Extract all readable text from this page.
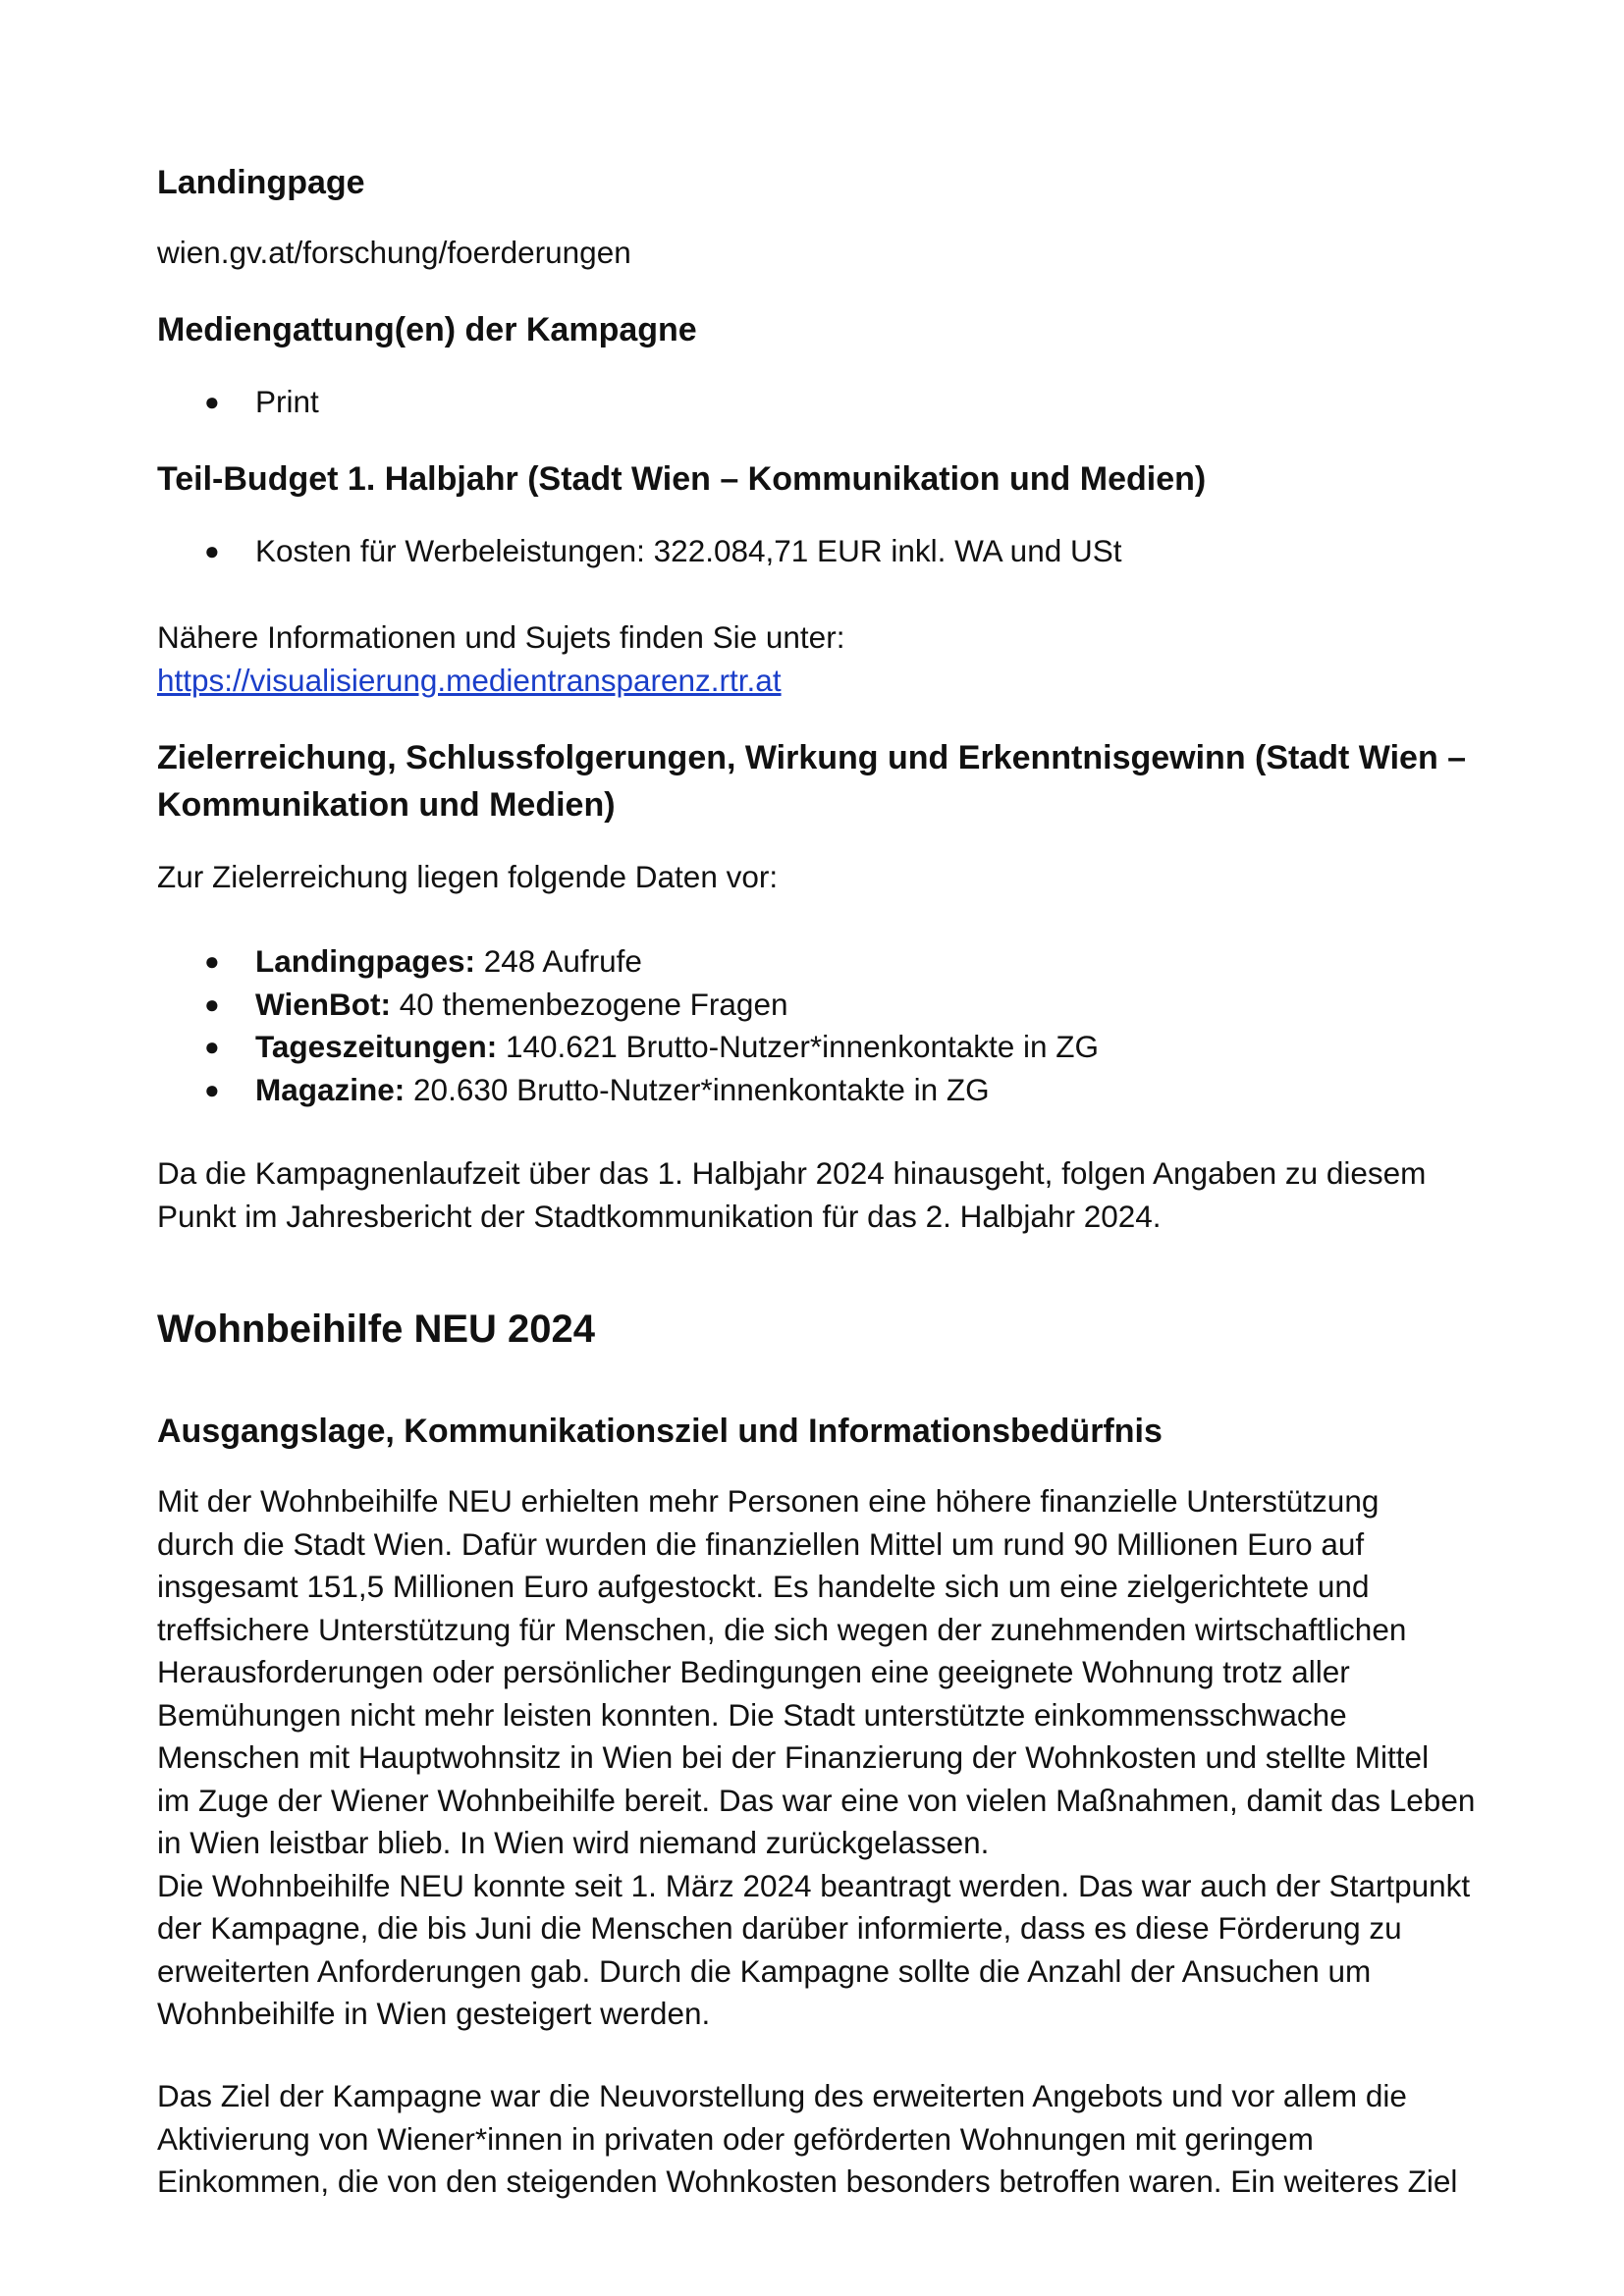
Landingpage

wien.gv.at/forschung/foerderungen

Mediengattung(en) der Kampagne
● Print
Teil-Budget 1. Halbjahr (Stadt Wien – Kommunikation und Medien)
● Kosten für Werbeleistungen: 322.084,71 EUR inkl. WA und USt

Nähere Informationen und Sujets finden Sie unter:
https://visualisierung.medientransparenz.rtr.at

Zielerreichung, Schlussfolgerungen, Wirkung und Erkenntnisgewinn (Stadt Wien –
Kommunikation und Medien)

Zur Zielerreichung liegen folgende Daten vor:

● Landingpages: 248 Aufrufe
● WienBot: 40 themenbezogene Fragen
● Tageszeitungen: 140.621 Brutto-Nutzer*innenkontakte in ZG
● Magazine: 20.630 Brutto-Nutzer*innenkontakte in ZG

Da die Kampagnenlaufzeit über das 1. Halbjahr 2024 hinausgeht, folgen Angaben zu diesem
Punkt im Jahresbericht der Stadtkommunikation für das 2. Halbjahr 2024.

Wohnbeihilfe NEU 2024
Ausgangslage, Kommunikationsziel und Informationsbedürfnis

Mit der Wohnbeihilfe NEU erhielten mehr Personen eine höhere finanzielle Unterstützung
durch die Stadt Wien. Dafür wurden die finanziellen Mittel um rund 90 Millionen Euro auf
insgesamt 151,5 Millionen Euro aufgestockt. Es handelte sich um eine zielgerichtete und
treffsichere Unterstützung für Menschen, die sich wegen der zunehmenden wirtschaftlichen
Herausforderungen oder persönlicher Bedingungen eine geeignete Wohnung trotz aller
Bemühungen nicht mehr leisten konnten. Die Stadt unterstützte einkommensschwache
Menschen mit Hauptwohnsitz in Wien bei der Finanzierung der Wohnkosten und stellte Mittel
im Zuge der Wiener Wohnbeihilfe bereit. Das war eine von vielen Maßnahmen, damit das Leben
in Wien leistbar blieb. In Wien wird niemand zurückgelassen.
Die Wohnbeihilfe NEU konnte seit 1. März 2024 beantragt werden. Das war auch der Startpunkt
der Kampagne, die bis Juni die Menschen darüber informierte, dass es diese Förderung zu
erweiterten Anforderungen gab. Durch die Kampagne sollte die Anzahl der Ansuchen um
Wohnbeihilfe in Wien gesteigert werden.

Das Ziel der Kampagne war die Neuvorstellung des erweiterten Angebots und vor allem die
Aktivierung von Wiener*innen in privaten oder geförderten Wohnungen mit geringem
Einkommen, die von den steigenden Wohnkosten besonders betroffen waren. Ein weiteres Ziel
